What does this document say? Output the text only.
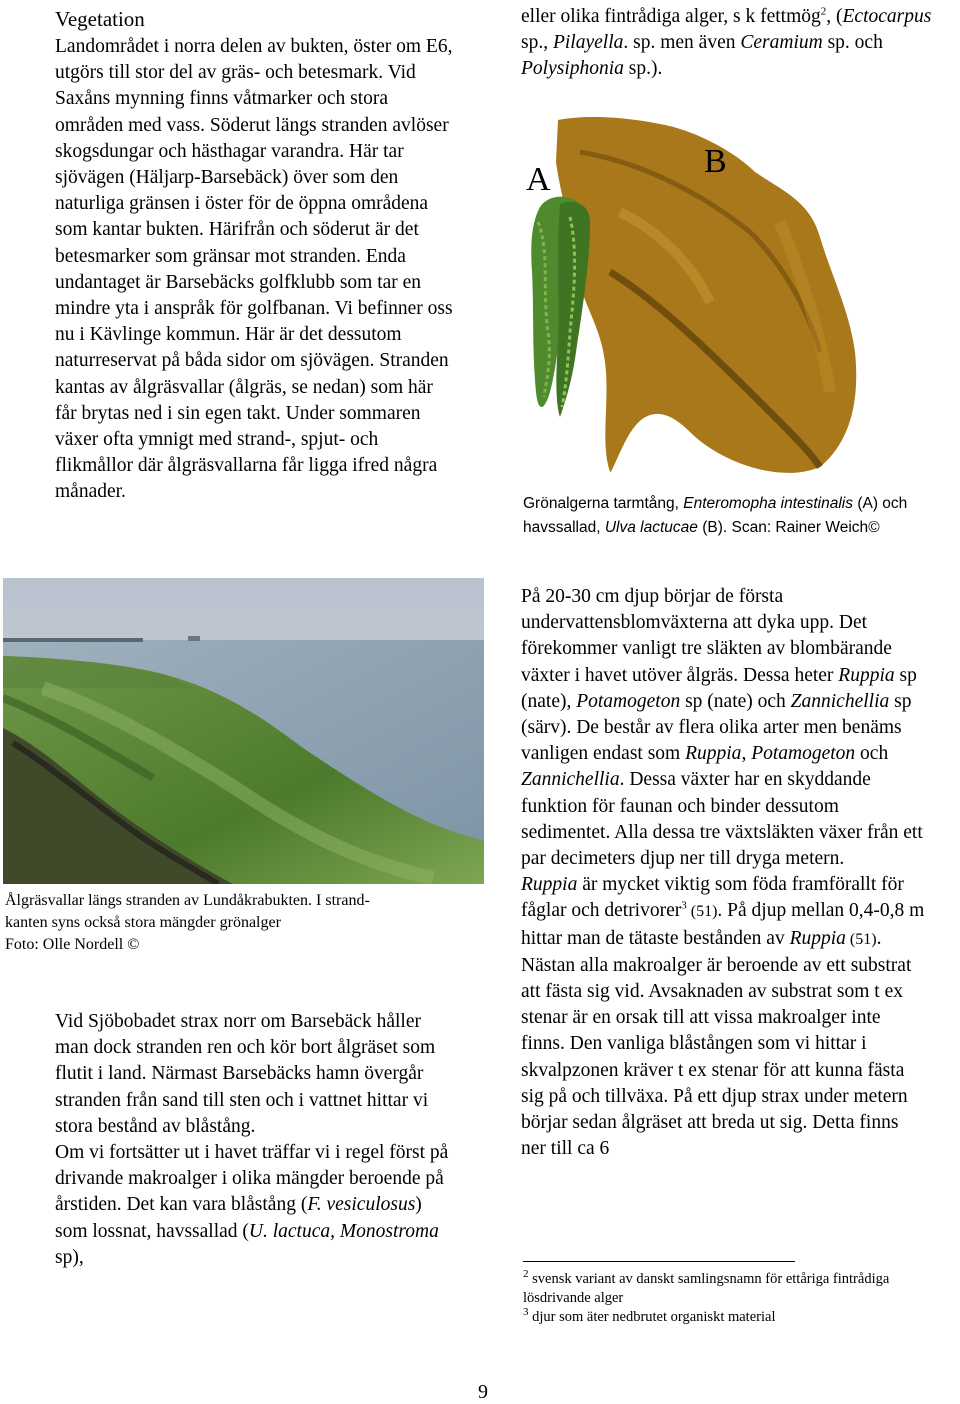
Vegetation

Landområdet i norra delen av bukten, öster om E6, utgörs till stor del av gräs- och betesmark. Vid Saxåns mynning finns våtmarker och stora områden med vass. Söderut längs stranden avlöser skogsdungar och hästhagar varandra. Här tar sjövägen (Häljarp-Barsebäck) över som den naturliga gränsen i öster för de öppna områdena som kantar bukten. Härifrån och söderut är det betesmarker som gränsar mot stranden. Enda undantaget är Barsebäcks golfklubb som tar en mindre yta i anspråk för golfbanan. Vi befinner oss nu i Kävlinge kommun. Här är det dessutom naturreservat på båda sidor om sjövägen. Stranden kantas av ålgräsvallar (ålgräs, se nedan) som här får brytas ned i sin egen takt. Under sommaren växer ofta ymnigt med strand-, spjut- och flikmållor där ålgräsvallarna får ligga ifred några månader.

Ålgräsvallar längs stranden av Lundåkrabukten. I strand-
kanten syns också stora mängder grönalger
Foto: Olle Nordell ©

Vid Sjöbobadet strax norr om Barsebäck håller man dock stranden ren och kör bort ålgräset som flutit i land. Närmast Barsebäcks hamn övergår stranden från sand till sten och i vattnet hittar vi stora bestånd av blåstång.

Om vi fortsätter ut i havet träffar vi i regel först på drivande makroalger i olika mängder beroende på årstiden. Det kan vara blåstång (F. vesiculosus) som lossnat, havssallad (U. lactuca, Monostroma sp),

eller olika fintrådiga alger, s k fettmög$^2$, (Ectocarpus sp., Pilayella. sp. men även Ceramium sp. och Polysiphonia sp.).

A	B
Grönalgerna tarmtång, Enteromopha intestinalis (A) och havssallad, Ulva lactucae (B). Scan: Rainer Weich©

På 20-30 cm djup börjar de första undervattensblomväxterna att dyka upp. Det förekommer vanligt tre släkten av blombärande växter i havet utöver ålgräs. Dessa heter Ruppia sp (nate), Potamogeton sp (nate) och Zannichellia sp (särv). De består av flera olika arter men benäms vanligen endast som Ruppia, Potamogeton och Zannichellia. Dessa växter har en skyddande funktion för faunan och binder dessutom sedimentet. Alla dessa tre växtsläkten växer från ett par decimeters djup ner till dryga metern.

Ruppia är mycket viktig som föda framförallt för fåglar och detrivorer$^3$ (51). På djup mellan 0,4-0,8 m hittar man de tätaste bestånden av Ruppia (51). Nästan alla makroalger är beroende av ett substrat att fästa sig vid. Avsaknaden av substrat som t ex stenar är en orsak till att vissa makroalger inte finns. Den vanliga blåstången som vi hittar i skvalpzonen kräver t ex stenar för att kunna fästa sig på och tillväxa. På ett djup strax under metern börjar sedan ålgräset att breda ut sig. Detta finns ner till ca 6

$^2$ svensk variant av danskt samlingsnamn för ettåriga fintrådiga lösdrivande alger
$^3$ djur som äter nedbrutet organiskt material
9
